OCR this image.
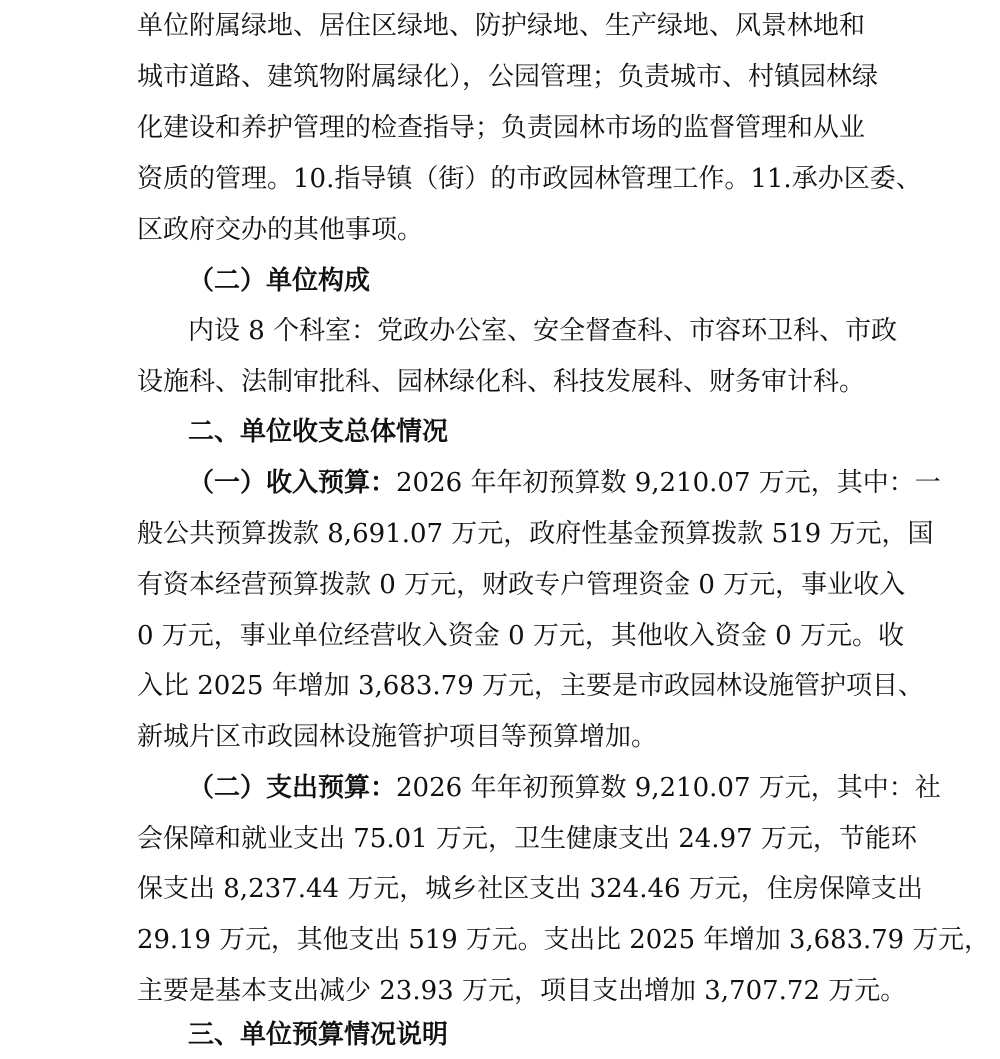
单位附属绿地、居住区绿地、防护绿地、生产绿地、风景林地和
城市道路、建筑物附属绿化），公园管理；负责城市、村镇园林绿
化建设和养护管理的检查指导；负责园林市场的监督管理和从业
资质的管理。10.指导镇（街）的市政园林管理工作。11.承办区委、
区政府交办的其他事项。
（二）单位构成
内设 8 个科室：党政办公室、安全督查科、市容环卫科、市政
设施科、法制审批科、园林绿化科、科技发展科、财务审计科。
二、单位收支总体情况
（一）收入预算：2026 年年初预算数 9,210.07 万元，其中：一
般公共预算拨款 8,691.07 万元，政府性基金预算拨款 519 万元，国
有资本经营预算拨款 0 万元，财政专户管理资金 0 万元，事业收入
0 万元，事业单位经营收入资金 0 万元，其他收入资金 0 万元。收
入比 2025 年增加 3,683.79 万元，主要是市政园林设施管护项目、
新城片区市政园林设施管护项目等预算增加。
（二）支出预算：2026 年年初预算数 9,210.07 万元，其中：社
会保障和就业支出 75.01 万元，卫生健康支出 24.97 万元，节能环
保支出 8,237.44 万元，城乡社区支出 324.46 万元，住房保障支出
29.19 万元，其他支出 519 万元。支出比 2025 年增加 3,683.79 万元，
主要是基本支出减少 23.93 万元，项目支出增加 3,707.72 万元。
三、单位预算情况说明
